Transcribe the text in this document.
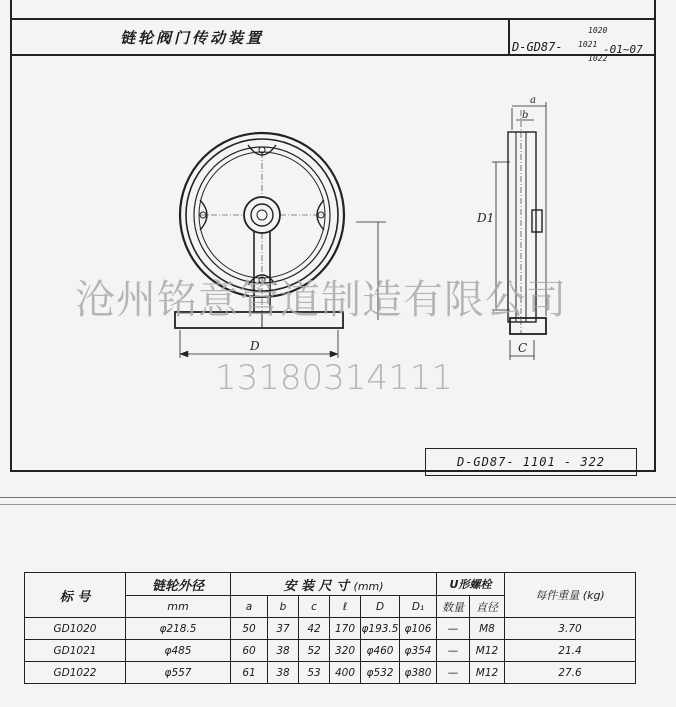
链轮阀门传动装置	D-GD87-
1020
1021
1022
-01~07
D
a
b
D1
C
沧州铭意管道制造有限公司
13180314111
D-GD87- 1101 - 322
标 号	链轮外径	安 装 尺 寸 (mm)						U形螺栓		每件重量 (kg)
	mm	a	b	c	ℓ	D	D₁	数量	直径	
GD1020	φ218.5	50	37	42	170	φ193.5	φ106	—	M8	3.70
GD1021	φ485	60	38	52	320	φ460	φ354	—	M12	21.4
GD1022	φ557	61	38	53	400	φ532	φ380	—	M12	27.6
